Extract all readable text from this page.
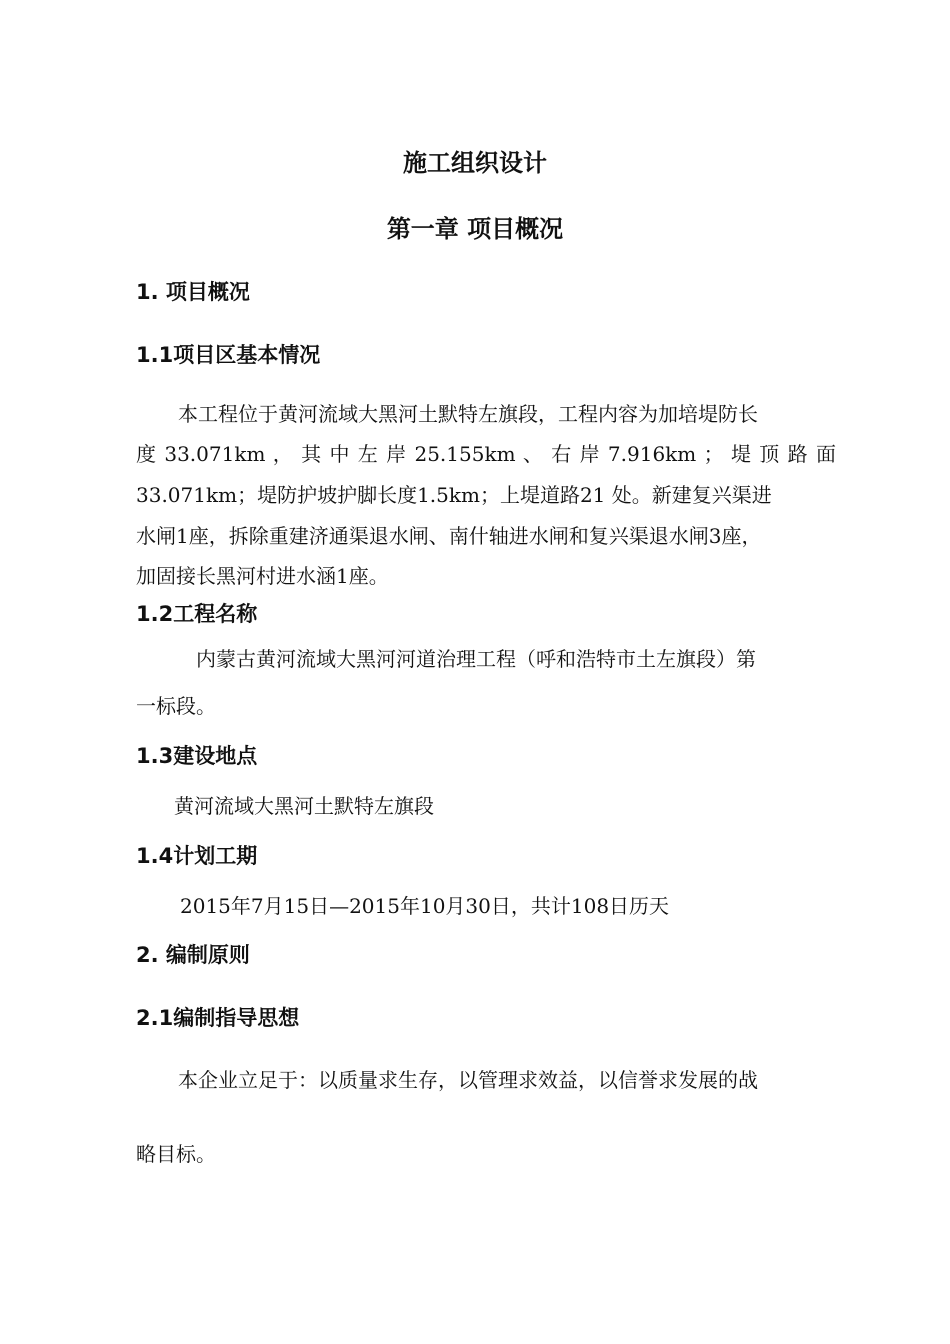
施工组织设计
第一章 项目概况
1. 项目概况
1.1项目区基本情况

本工程位于黄河流域大黑河土默特左旗段，工程内容为加培堤防长

度 33.071km ， 其 中 左 岸 25.155km 、 右 岸 7.916km ； 堤 顶 路 面

33.071km；堤防护坡护脚长度1.5km；上堤道路21 处。新建复兴渠进

水闸1座，拆除重建济通渠退水闸、南什轴进水闸和复兴渠退水闸3座，

加固接长黑河村进水涵1座。

1.2工程名称

内蒙古黄河流域大黑河河道治理工程（呼和浩特市土左旗段）第

一标段。

1.3建设地点

黄河流域大黑河土默特左旗段

1.4计划工期

2015年7月15日—2015年10月30日，共计108日历天

2. 编制原则
2.1编制指导思想

本企业立足于：以质量求生存，以管理求效益，以信誉求发展的战

略目标。
